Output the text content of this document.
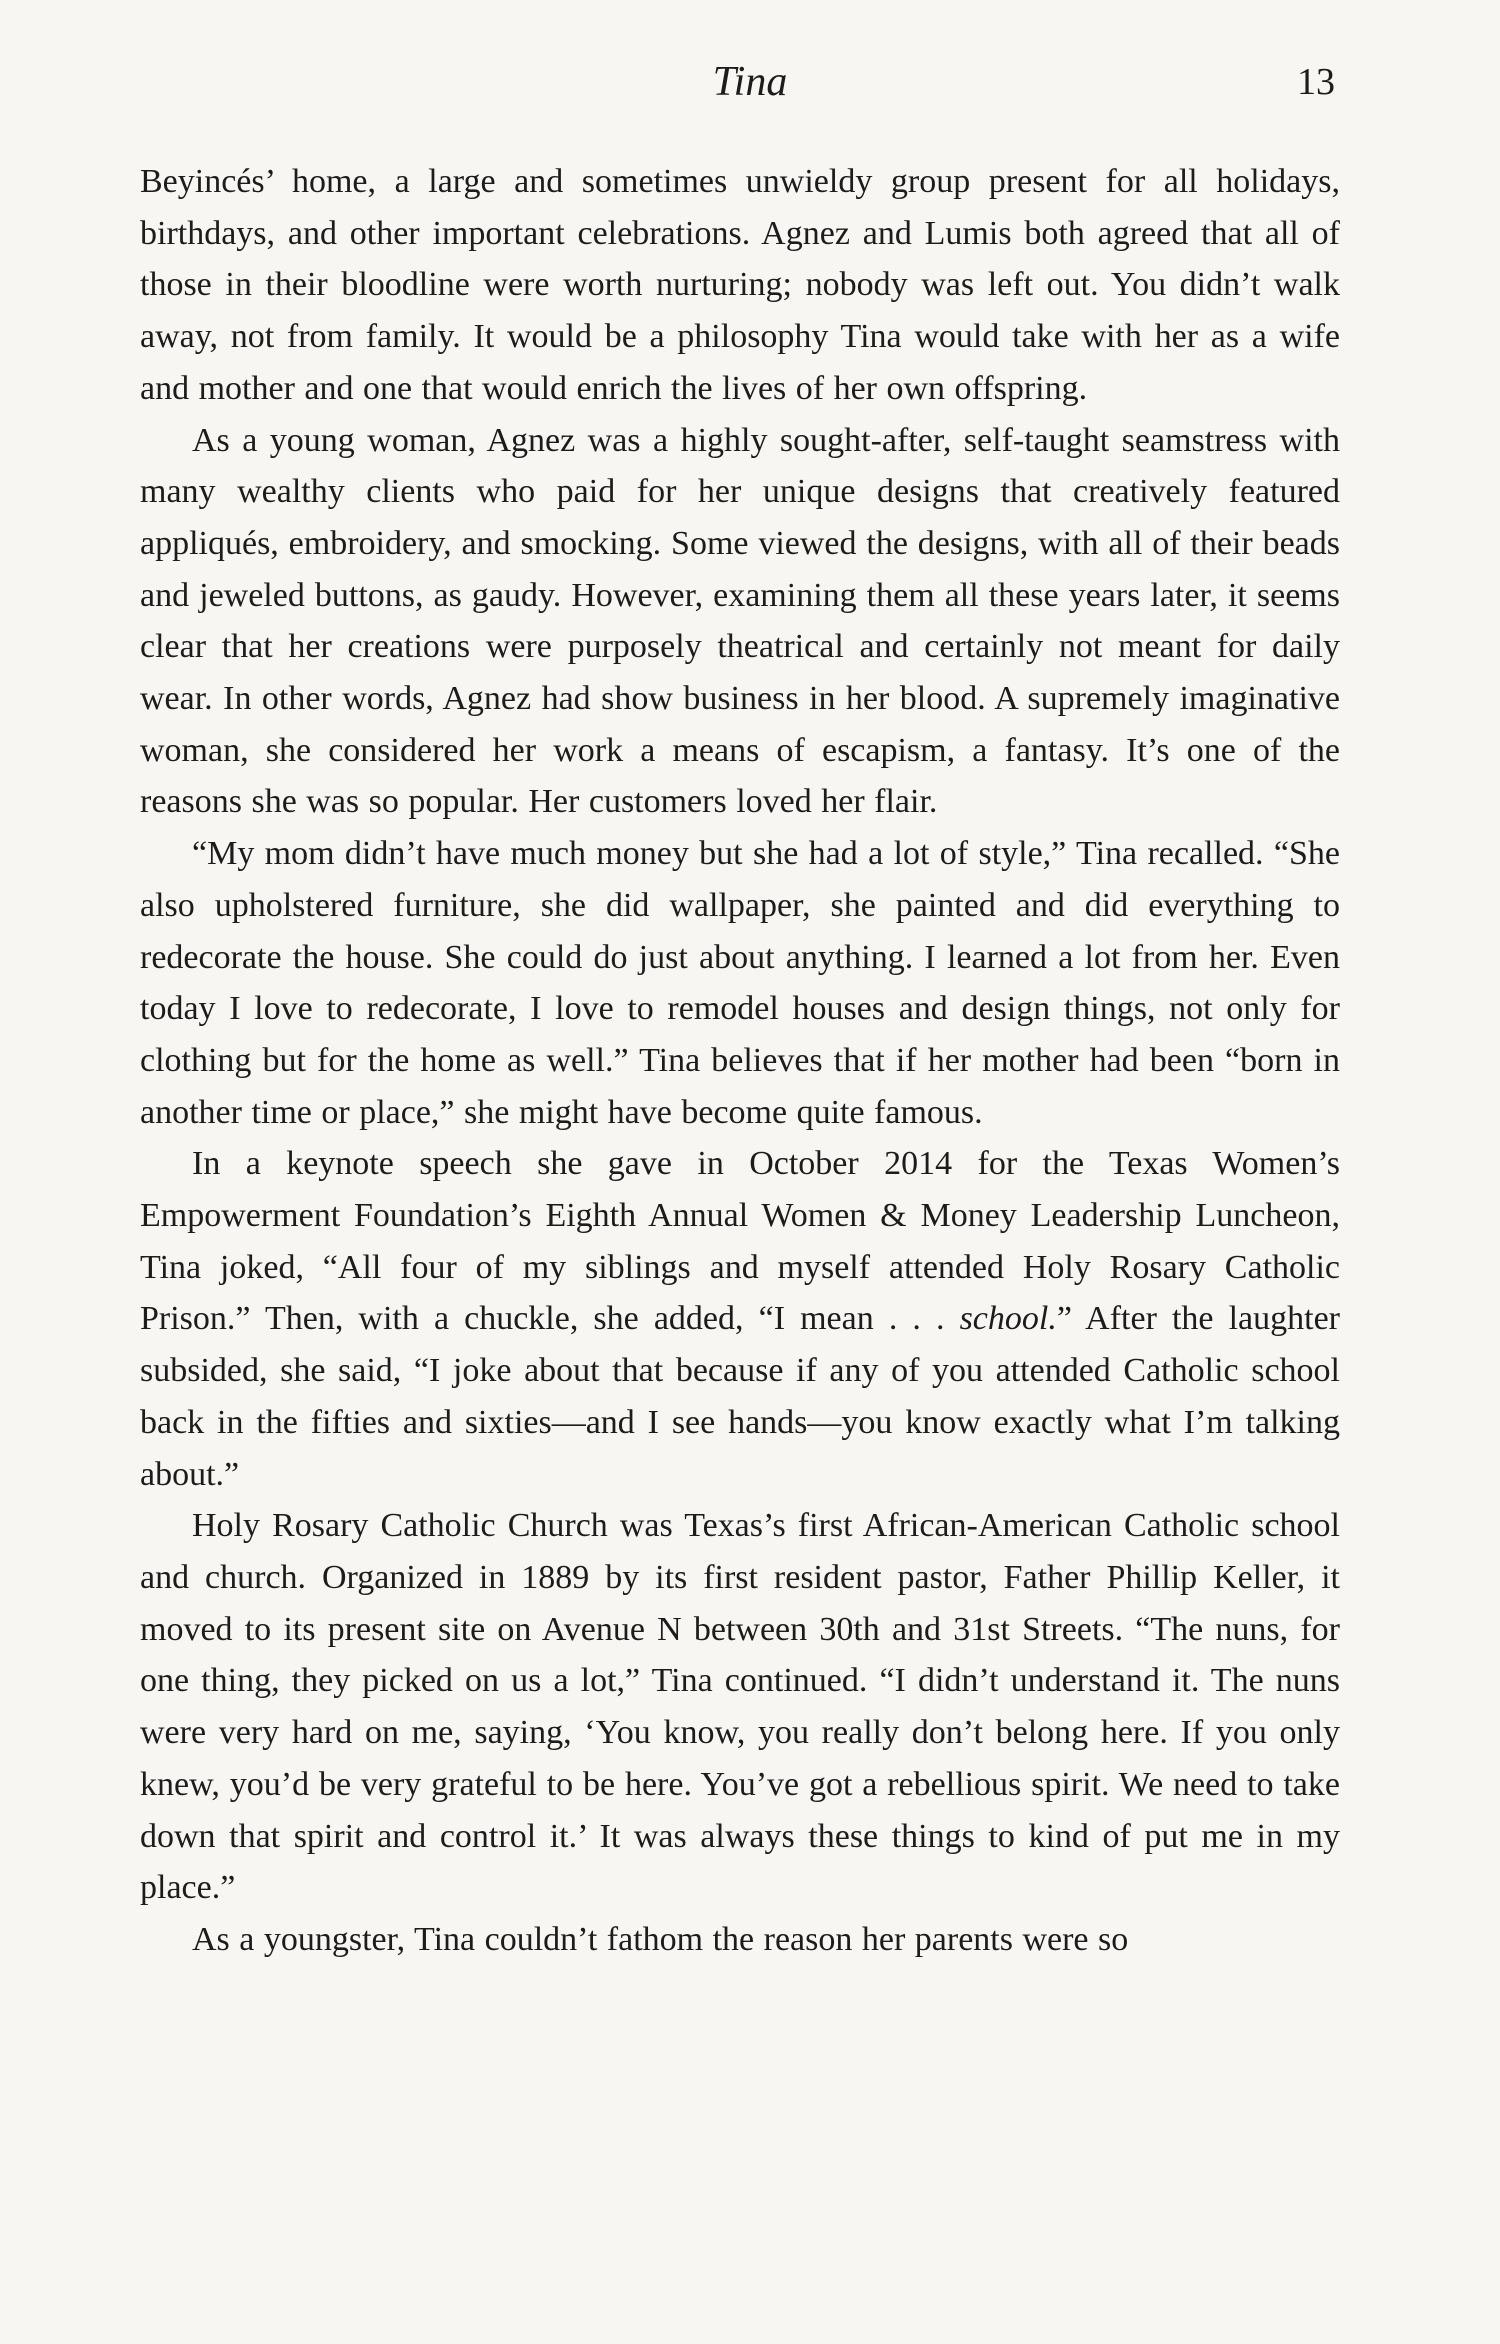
Tina	13

Beyincés’ home, a large and sometimes unwieldy group present for all holidays, birthdays, and other important celebrations. Agnez and Lumis both agreed that all of those in their bloodline were worth nurturing; nobody was left out. You didn’t walk away, not from family. It would be a philosophy Tina would take with her as a wife and mother and one that would enrich the lives of her own offspring.

As a young woman, Agnez was a highly sought-after, self-taught seamstress with many wealthy clients who paid for her unique designs that creatively featured appliqués, embroidery, and smocking. Some viewed the designs, with all of their beads and jeweled buttons, as gaudy. However, examining them all these years later, it seems clear that her creations were purposely theatrical and certainly not meant for daily wear. In other words, Agnez had show business in her blood. A supremely imaginative woman, she considered her work a means of escapism, a fantasy. It’s one of the reasons she was so popular. Her customers loved her flair.

“My mom didn’t have much money but she had a lot of style,” Tina recalled. “She also upholstered furniture, she did wallpaper, she painted and did everything to redecorate the house. She could do just about anything. I learned a lot from her. Even today I love to redecorate, I love to remodel houses and design things, not only for clothing but for the home as well.” Tina believes that if her mother had been “born in another time or place,” she might have become quite famous.

In a keynote speech she gave in October 2014 for the Texas Women’s Empowerment Foundation’s Eighth Annual Women & Money Leadership Luncheon, Tina joked, “All four of my siblings and myself attended Holy Rosary Catholic Prison.” Then, with a chuckle, she added, “I mean . . . school.” After the laughter subsided, she said, “I joke about that because if any of you attended Catholic school back in the fifties and sixties—and I see hands—you know exactly what I’m talking about.”

Holy Rosary Catholic Church was Texas’s first African-American Catholic school and church. Organized in 1889 by its first resident pastor, Father Phillip Keller, it moved to its present site on Avenue N between 30th and 31st Streets. “The nuns, for one thing, they picked on us a lot,” Tina continued. “I didn’t understand it. The nuns were very hard on me, saying, ‘You know, you really don’t belong here. If you only knew, you’d be very grateful to be here. You’ve got a rebellious spirit. We need to take down that spirit and control it.’ It was always these things to kind of put me in my place.”

As a youngster, Tina couldn’t fathom the reason her parents were so
